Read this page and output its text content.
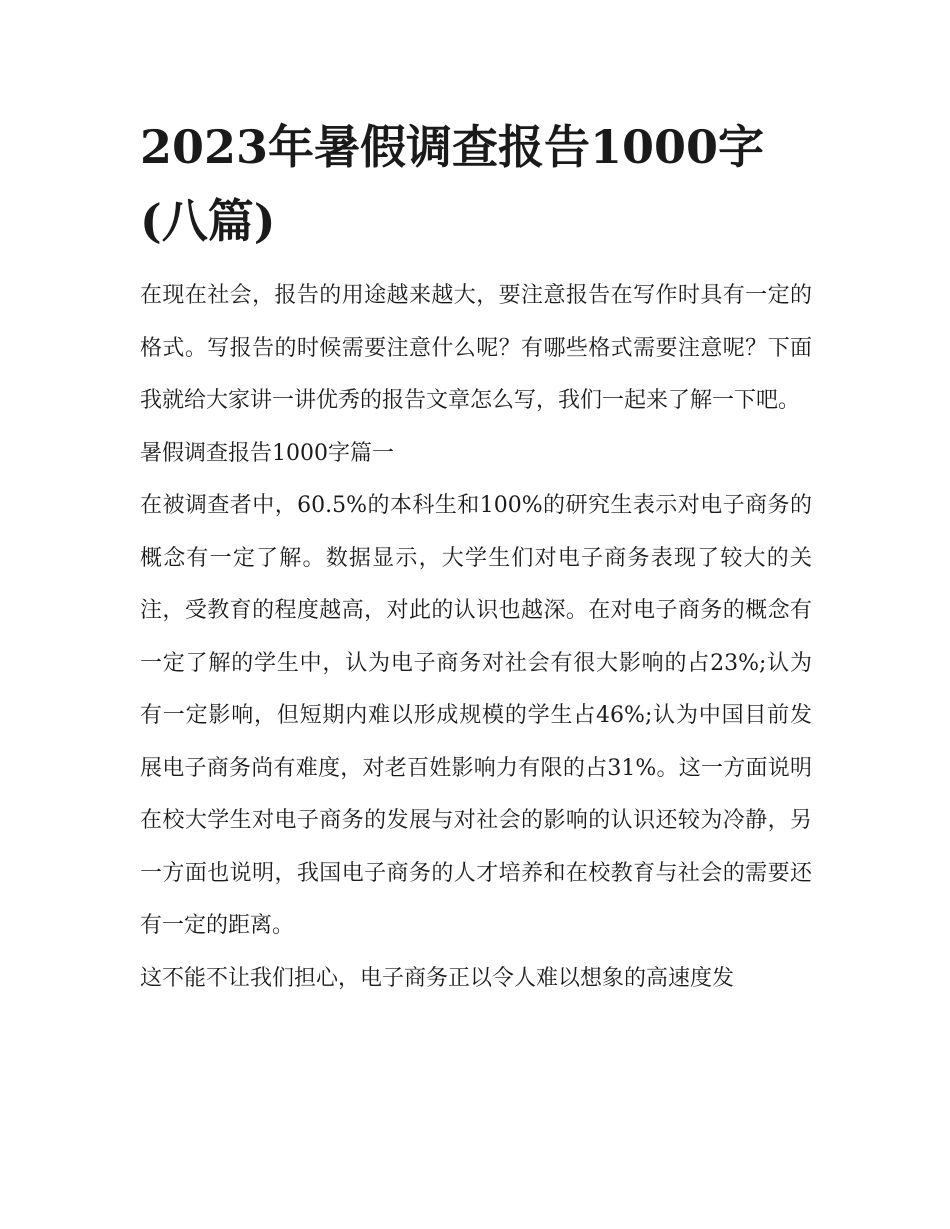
2023年暑假调查报告1000字(八篇)

在现在社会，报告的用途越来越大，要注意报告在写作时具有一定的格式。写报告的时候需要注意什么呢？有哪些格式需要注意呢？下面我就给大家讲一讲优秀的报告文章怎么写，我们一起来了解一下吧。

暑假调查报告1000字篇一

在被调查者中，60.5%的本科生和100%的研究生表示对电子商务的概念有一定了解。数据显示，大学生们对电子商务表现了较大的关注，受教育的程度越高，对此的认识也越深。在对电子商务的概念有一定了解的学生中，认为电子商务对社会有很大影响的占23%;认为有一定影响，但短期内难以形成规模的学生占46%;认为中国目前发展电子商务尚有难度，对老百姓影响力有限的占31%。这一方面说明在校大学生对电子商务的发展与对社会的影响的认识还较为冷静，另一方面也说明，我国电子商务的人才培养和在校教育与社会的需要还有一定的距离。

这不能不让我们担心，电子商务正以令人难以想象的高速度发
